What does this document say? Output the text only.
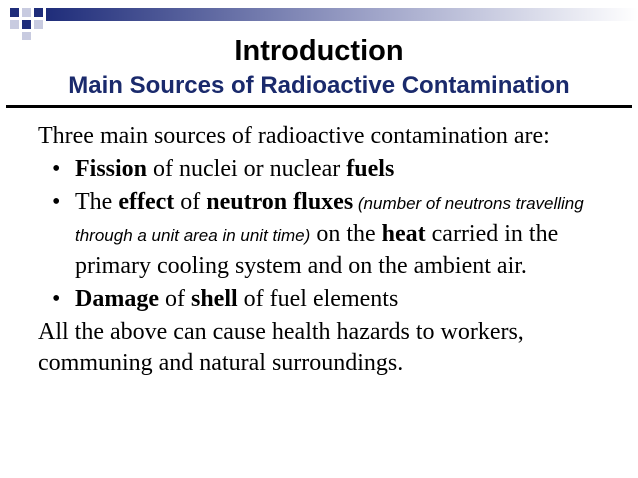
Introduction
Main Sources of Radioactive Contamination

Three main sources of radioactive contamination are:

• Fission of nuclei or nuclear fuels
• The effect of neutron fluxes (number of neutrons travelling through a unit area in unit time) on the heat carried in the primary cooling system and on the ambient air.
• Damage of shell of fuel elements

All the above can cause health hazards to workers, communing and natural surroundings.
